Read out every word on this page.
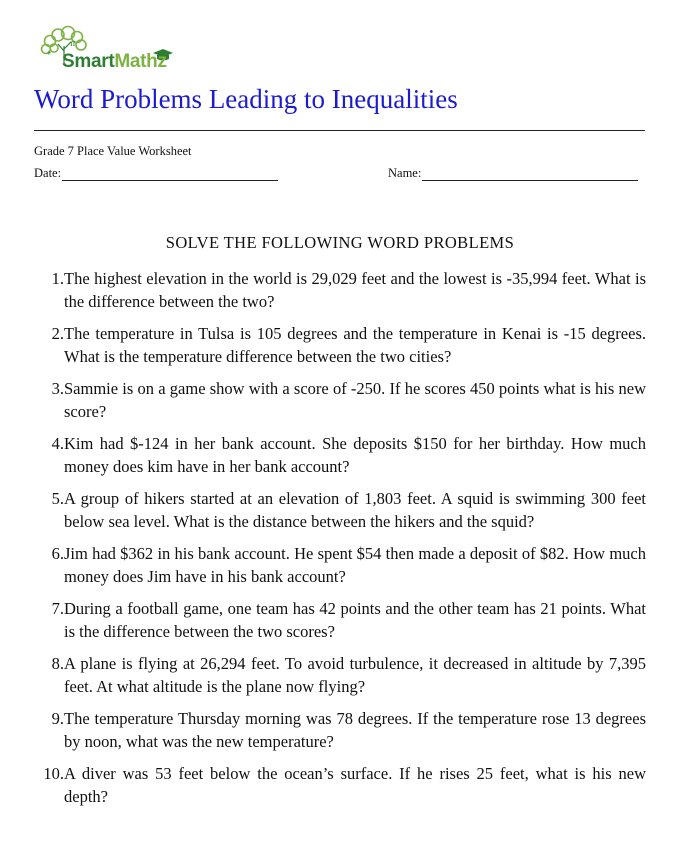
π
+ SmartMathz
Word Problems Leading to Inequalities
Grade 7 Place Value Worksheet
Date:	Name:
SOLVE THE FOLLOWING WORD PROBLEMS
1. The highest elevation in the world is 29,029 feet and the lowest is -35,994 feet. What is the difference between the two?
2. The temperature in Tulsa is 105 degrees and the temperature in Kenai is -15 degrees. What is the temperature difference between the two cities?
3. Sammie is on a game show with a score of -250. If he scores 450 points what is his new score?
4. Kim had $-124 in her bank account. She deposits $150 for her birthday. How much money does kim have in her bank account?
5. A group of hikers started at an elevation of 1,803 feet. A squid is swimming 300 feet below sea level. What is the distance between the hikers and the squid?
6. Jim had $362 in his bank account. He spent $54 then made a deposit of $82. How much money does Jim have in his bank account?
7. During a football game, one team has 42 points and the other team has 21 points. What is the difference between the two scores?
8. A plane is flying at 26,294 feet. To avoid turbulence, it decreased in altitude by 7,395 feet. At what altitude is the plane now flying?
9. The temperature Thursday morning was 78 degrees. If the temperature rose 13 degrees by noon, what was the new temperature?
10. A diver was 53 feet below the ocean’s surface. If he rises 25 feet, what is his new depth?
